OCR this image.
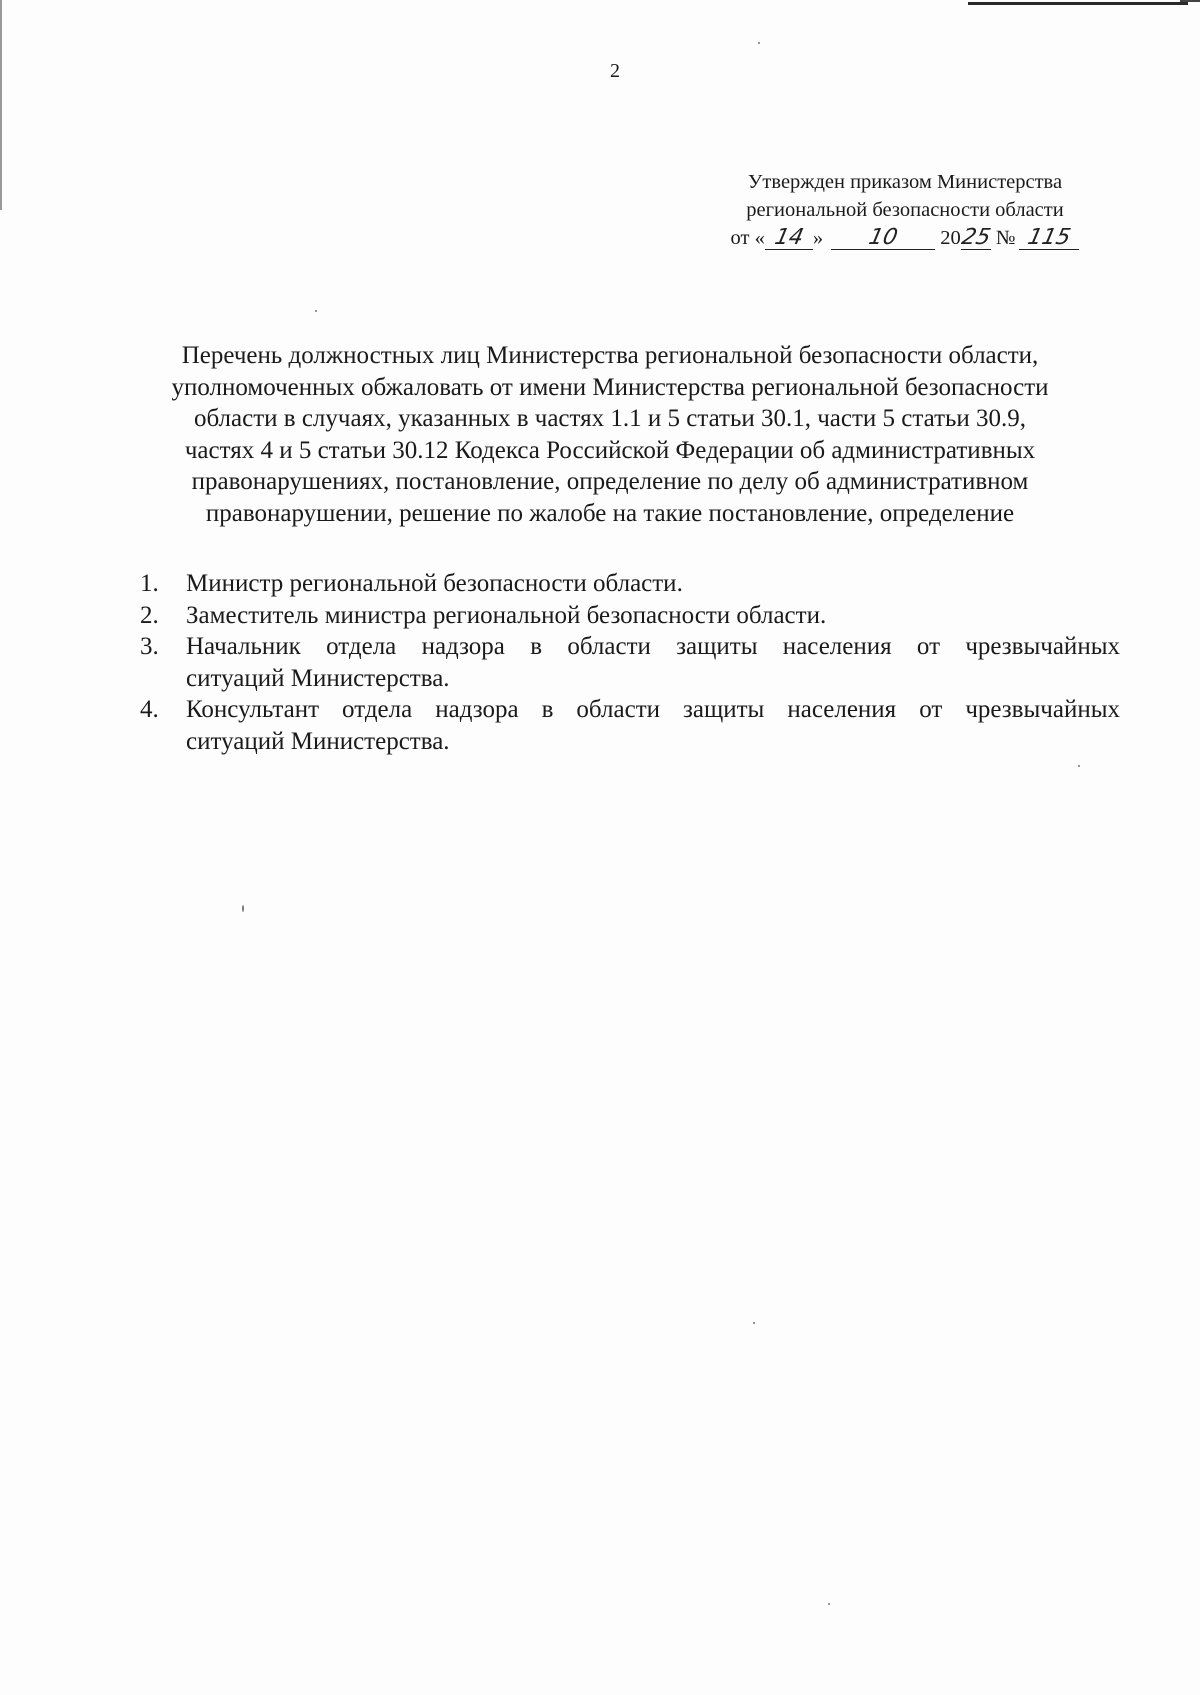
2
Утвержден приказом Министерства
региональной безопасности области
от « 14 » 10 2025 № 115
Перечень должностных лиц Министерства региональной безопасности области,
уполномоченных обжаловать от имени Министерства региональной безопасности
области в случаях, указанных в частях 1.1 и 5 статьи 30.1, части 5 статьи 30.9,
частях 4 и 5 статьи 30.12 Кодекса Российской Федерации об административных
правонарушениях, постановление, определение по делу об административном
правонарушении, решение по жалобе на такие постановление, определение
1.	Министр региональной безопасности области.
2.	Заместитель министра региональной безопасности области.
3.	Начальник отдела надзора в области защиты населения от чрезвычайных
ситуаций Министерства.
4.	Консультант отдела надзора в области защиты населения от чрезвычайных
ситуаций Министерства.
